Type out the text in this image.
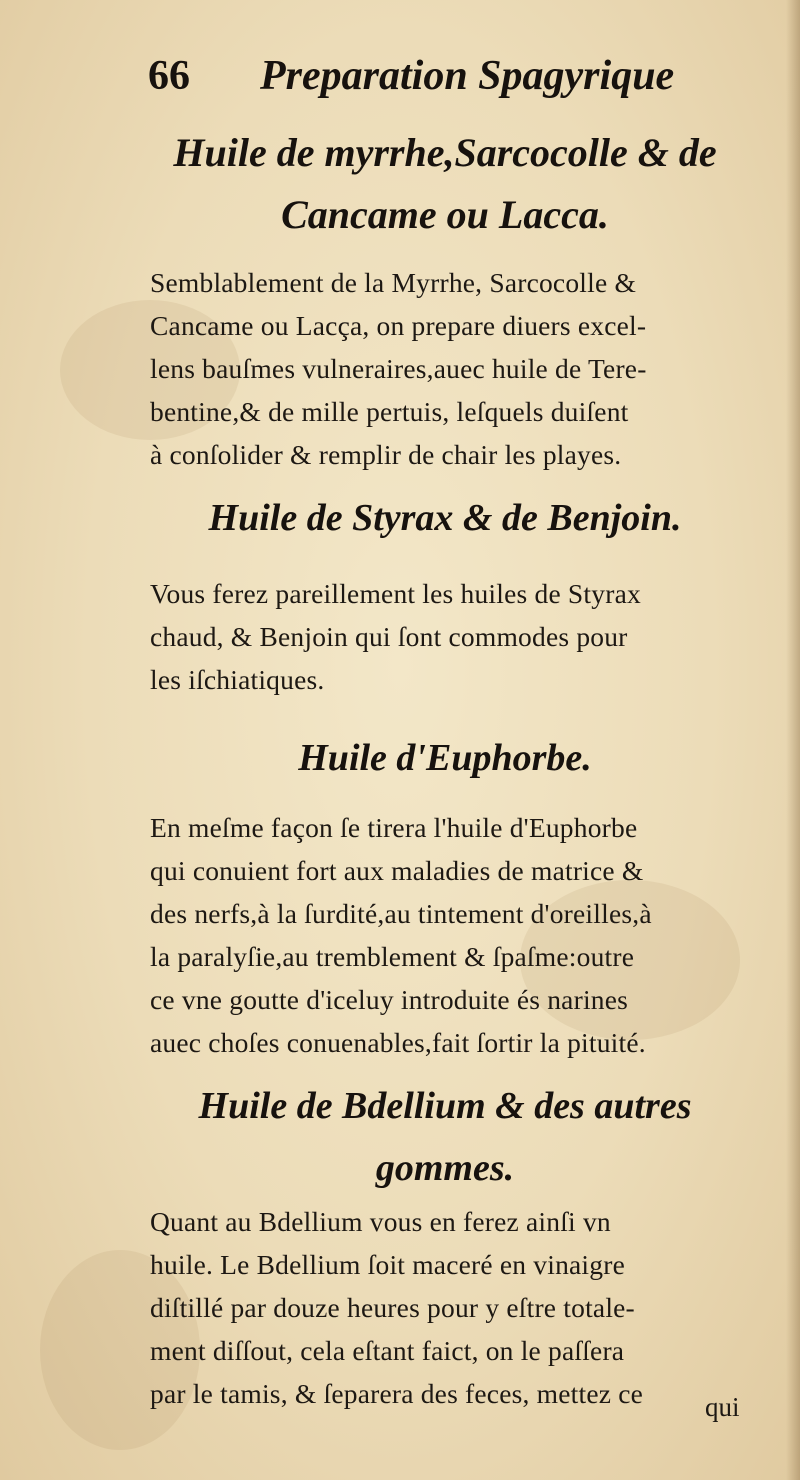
66 Preparation Spagyrique
Huile de myrrhe,Sarcocolle & de
Cancame ou Lacca.
Semblablement de la Myrrhe, Sarcocolle &
Cancame ou Lacça, on prepare diuers excel-
lens bauſmes vulneraires,auec huile de Tere-
bentine,& de mille pertuis, leſquels duiſent
à conſolider & remplir de chair les playes.
Huile de Styrax & de Benjoin.
Vous ferez pareillement les huiles de Styrax
chaud, & Benjoin qui ſont commodes pour
les iſchiatiques.
Huile d'Euphorbe.
En meſme façon ſe tirera l'huile d'Euphorbe
qui conuient fort aux maladies de matrice &
des nerfs,à la ſurdité,au tintement d'oreilles,à
la paralyſie,au tremblement & ſpaſme:outre
ce vne goutte d'iceluy introduite és narines
auec choſes conuenables,fait ſortir la pituité.
Huile de Bdellium & des autres
gommes.
Quant au Bdellium vous en ferez ainſi vn
huile. Le Bdellium ſoit maceré en vinaigre
diſtillé par douze heures pour y eſtre totale-
ment diſſout, cela eſtant faict, on le paſſera
par le tamis, & ſeparera des feces, mettez ce	qui
